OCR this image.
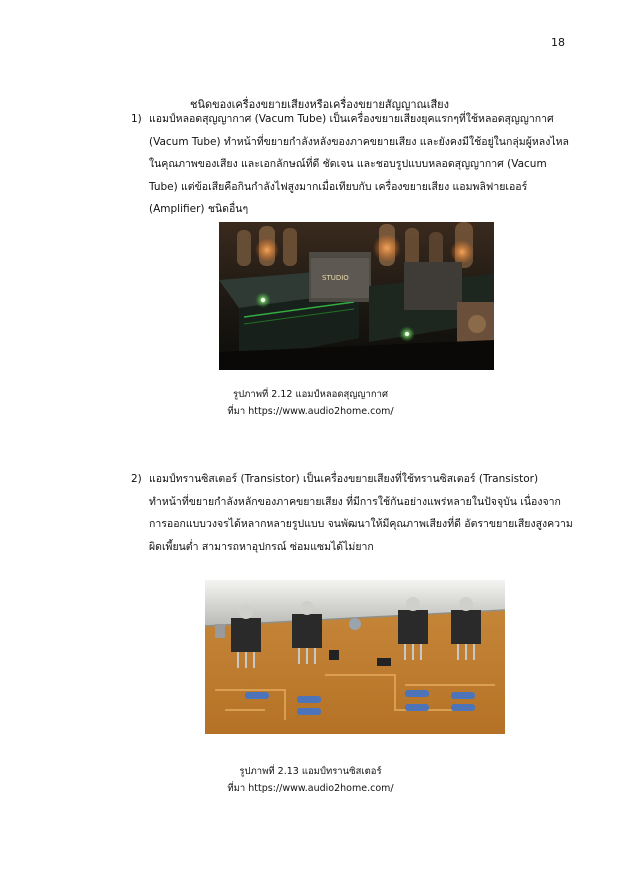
18
ชนิดของเครื่องขยายเสียงหรือเครื่องขยายสัญญาณเสียง
1) แอมป์หลอดสุญญากาศ (Vacum Tube) เป็นเครื่องขยายเสียงยุคแรกๆที่ใช้หลอดสุญญากาศ
(Vacum Tube) ทำหน้าที่ขยายกำลังหลังของภาคขยายเสียง และยังคงมีใช้อยู่ในกลุ่มผู้หลงไหล
ในคุณภาพของเสียง และเอกลักษณ์ที่ดี ชัดเจน และชอบรูปแบบหลอดสุญญากาศ (Vacum
Tube) แต่ข้อเสียคือกินกำลังไฟสูงมากเมื่อเทียบกับ เครื่องขยายเสียง แอมพลิฟายเออร์
(Amplifier) ชนิดอื่นๆ
STUDIO
รูปภาพที่ 2.12 แอมป์หลอดสุญญากาศ
ที่มา https://www.audio2home.com/
2) แอมป์ทรานซิสเตอร์ (Transistor) เป็นเครื่องขยายเสียงที่ใช้ทรานซิสเตอร์ (Transistor)
ทำหน้าที่ขยายกำลังหลักของภาคขยายเสียง ที่มีการใช้กันอย่างแพร่หลายในปัจจุบัน เนื่องจาก
การออกแบบวงจรได้หลากหลายรูปแบบ จนพัฒนาให้มีคุณภาพเสียงที่ดี อัตราขยายเสียงสูงความ
ผิดเพี้ยนต่ำ สามารถหาอุปกรณ์ ซ่อมแซมได้ไม่ยาก
รูปภาพที่ 2.13 แอมป์ทรานซิสเตอร์
ที่มา https://www.audio2home.com/
